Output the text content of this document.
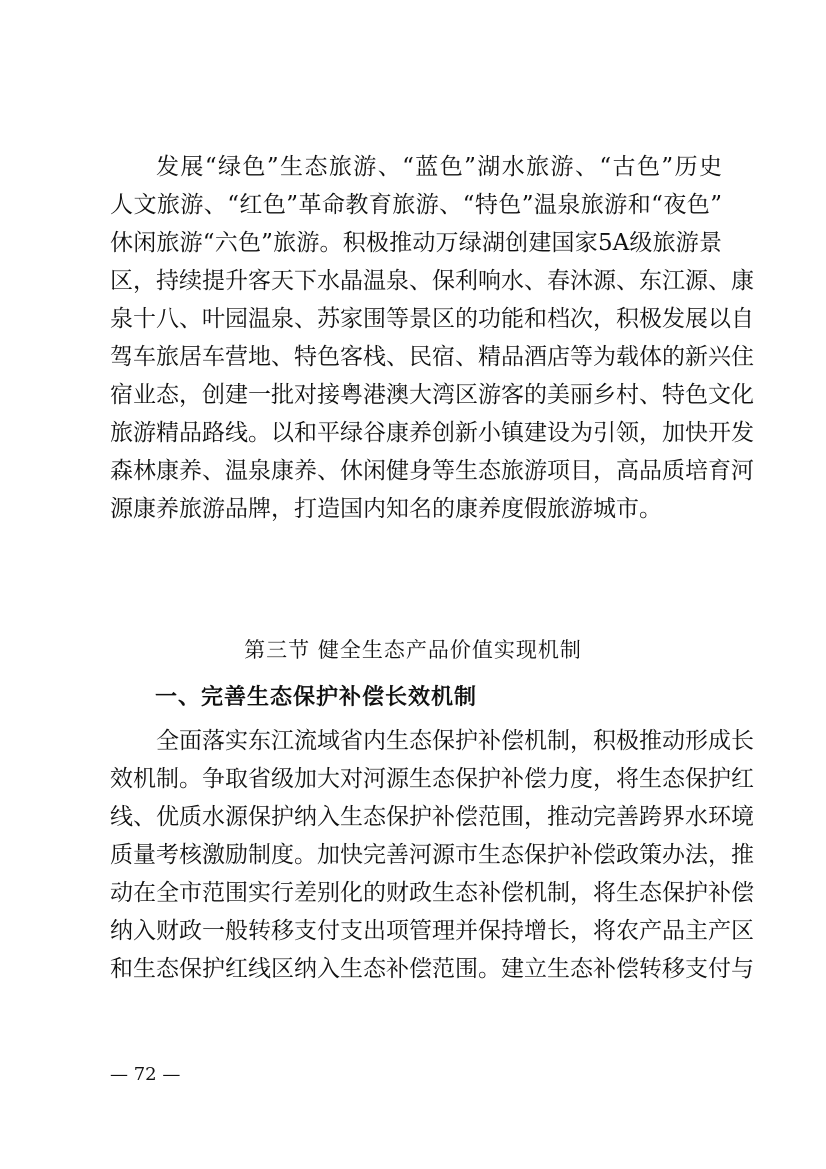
发展“绿色”生态旅游、“蓝色”湖水旅游、“古色”历史
人文旅游、“红色”革命教育旅游、“特色”温泉旅游和“夜色”
休闲旅游“六色”旅游。积极推动万绿湖创建国家5A级旅游景
区，持续提升客天下水晶温泉、保利响水、春沐源、东江源、康
泉十八、叶园温泉、苏家围等景区的功能和档次，积极发展以自
驾车旅居车营地、特色客栈、民宿、精品酒店等为载体的新兴住
宿业态，创建一批对接粤港澳大湾区游客的美丽乡村、特色文化
旅游精品路线。以和平绿谷康养创新小镇建设为引领，加快开发
森林康养、温泉康养、休闲健身等生态旅游项目，高品质培育河
源康养旅游品牌，打造国内知名的康养度假旅游城市。
第三节 健全生态产品价值实现机制
一、完善生态保护补偿长效机制
全面落实东江流域省内生态保护补偿机制，积极推动形成长
效机制。争取省级加大对河源生态保护补偿力度，将生态保护红
线、优质水源保护纳入生态保护补偿范围，推动完善跨界水环境
质量考核激励制度。加快完善河源市生态保护补偿政策办法，推
动在全市范围实行差别化的财政生态补偿机制，将生态保护补偿
纳入财政一般转移支付支出项管理并保持增长，将农产品主产区
和生态保护红线区纳入生态补偿范围。建立生态补偿转移支付与
— 72 —
